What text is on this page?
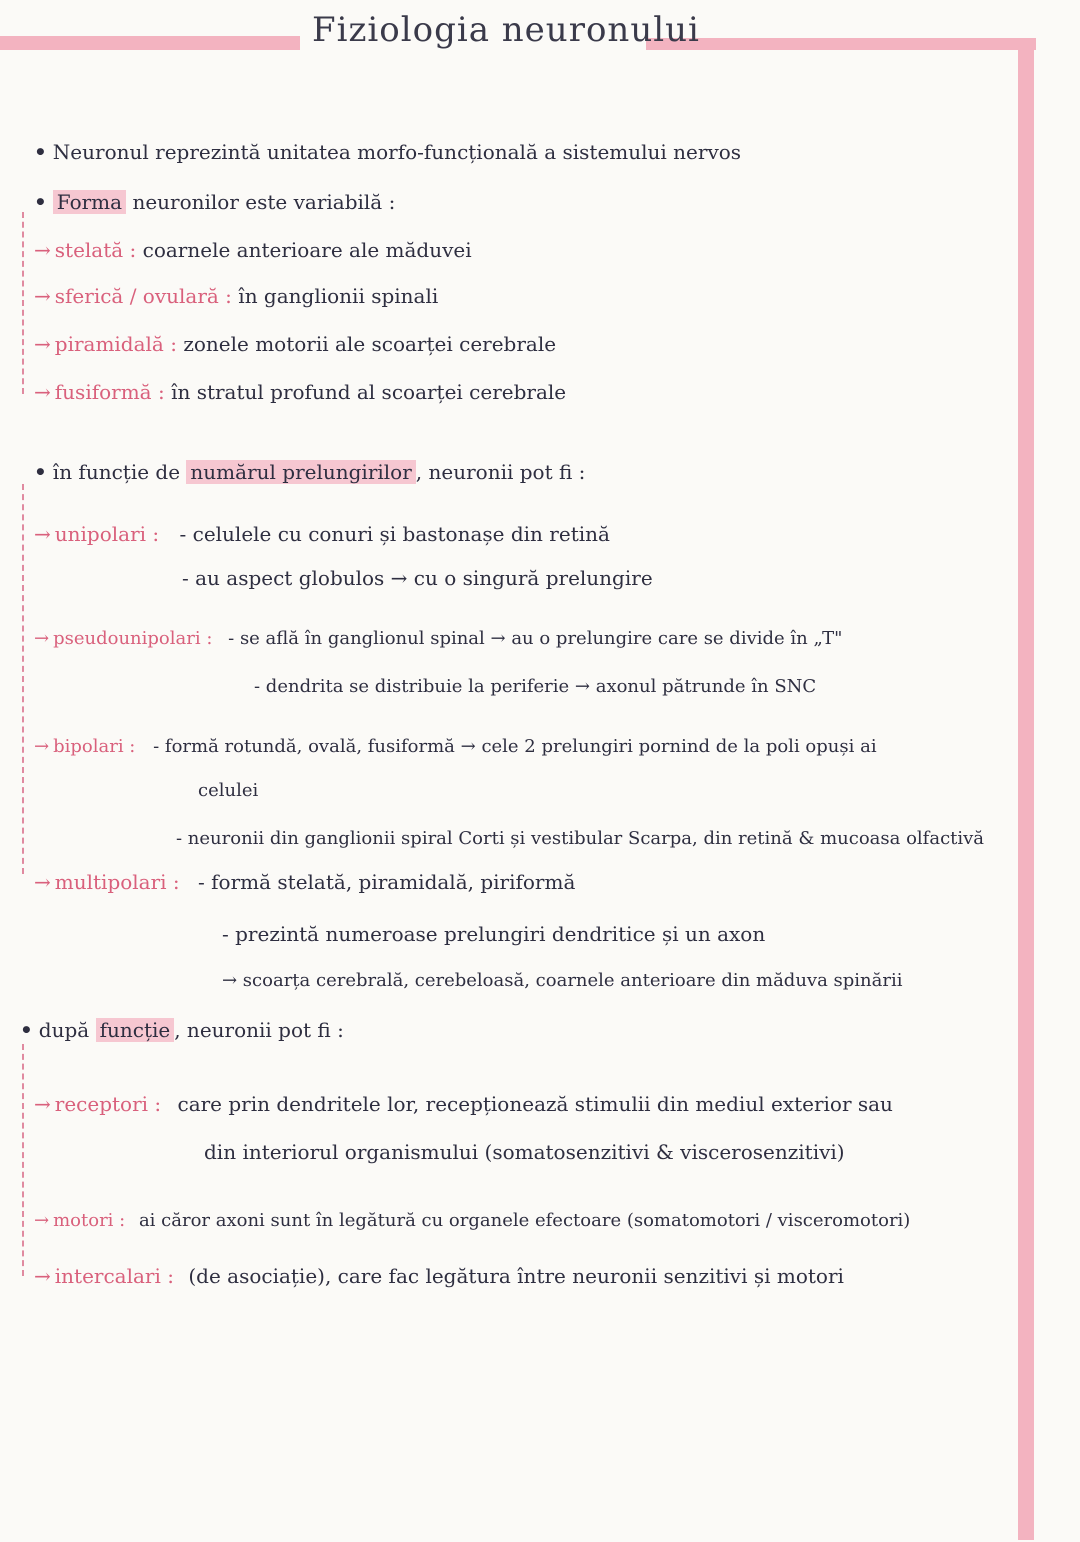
Fiziologia neuronului
• Neuronul reprezintă unitatea morfo-funcțională a sistemului nervos
• Forma neuronilor este variabilă :
→ stelată : coarnele anterioare ale măduvei
→ sferică / ovulară : în ganglionii spinali
→ piramidală : zonele motorii ale scoarței cerebrale
→ fusiformă : în stratul profund al scoarței cerebrale
• în funcție de numărul prelungirilor , neuronii pot fi :
→ unipolari : - celulele cu conuri și bastonașe din retină
- au aspect globulos → cu o singură prelungire
→ pseudounipolari : - se află în ganglionul spinal → au o prelungire care se divide în „T"
- dendrita se distribuie la periferie → axonul pătrunde în SNC
→ bipolari : - formă rotundă, ovală, fusiformă → cele 2 prelungiri pornind de la poli opuși ai
celulei
- neuronii din ganglionii spiral Corti și vestibular Scarpa, din retină & mucoasa olfactivă
→ multipolari : - formă stelată, piramidală, piriformă
- prezintă numeroase prelungiri dendritice și un axon
→ scoarța cerebrală, cerebeloasă, coarnele anterioare din măduva spinării
• după funcție , neuronii pot fi :
→ receptori : care prin dendritele lor, recepționează stimulii din mediul exterior sau
din interiorul organismului (somatosenzitivi & viscerosenzitivi)
→ motori : ai căror axoni sunt în legătură cu organele efectoare (somatomotori / visceromotori)
→ intercalari : (de asociație), care fac legătura între neuronii senzitivi și motori
